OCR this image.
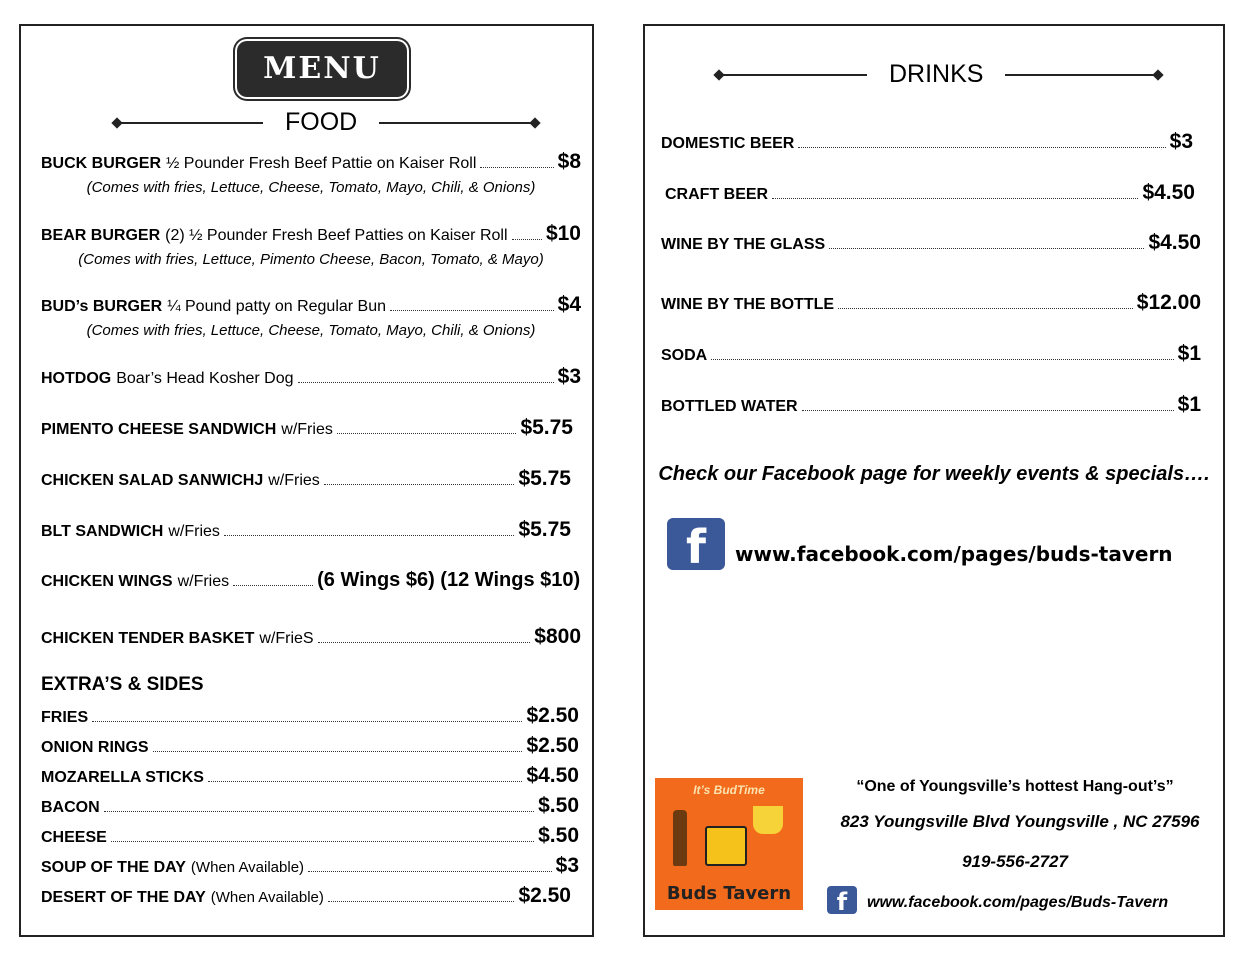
MENU
FOOD
BUCK BURGER ½ Pounder Fresh Beef Pattie on Kaiser Roll	$8
(Comes with fries, Lettuce, Cheese, Tomato, Mayo, Chili, & Onions)
BEAR BURGER (2) ½ Pounder Fresh Beef Patties on Kaiser Roll $10
(Comes with fries, Lettuce, Pimento Cheese, Bacon, Tomato, & Mayo)
BUD’s BURGER ¼ Pound patty on Regular Bun	$4
(Comes with fries, Lettuce, Cheese, Tomato, Mayo, Chili, & Onions)
HOTDOG Boar’s Head Kosher Dog	$3
PIMENTO CHEESE SANDWICH w/Fries	$5.75
CHICKEN SALAD SANWICHJ w/Fries	$5.75
BLT SANDWICH w/Fries	$5.75
CHICKEN WINGS w/Fries	(6 Wings $6) (12 Wings $10)
CHICKEN TENDER BASKET w/FrieS	$800
EXTRA’S & SIDES
FRIES	$2.50
ONION RINGS	$2.50
MOZARELLA STICKS	$4.50
BACON	$.50
CHEESE	$.50
SOUP OF THE DAY (When Available)	$3
DESERT OF THE DAY (When Available)	$2.50
DRINKS
DOMESTIC BEER	$3
CRAFT BEER	$4.50
WINE BY THE GLASS	$4.50
WINE BY THE BOTTLE	$12.00
SODA	$1
BOTTLED WATER	$1
Check our Facebook page for weekly events & specials….
f	www.facebook.com/pages/buds-tavern
It’s BudTime
Buds Tavern
“One of Youngsville’s hottest Hang-out’s”
823 Youngsville Blvd Youngsville , NC 27596
919-556-2727
f	www.facebook.com/pages/Buds-Tavern
